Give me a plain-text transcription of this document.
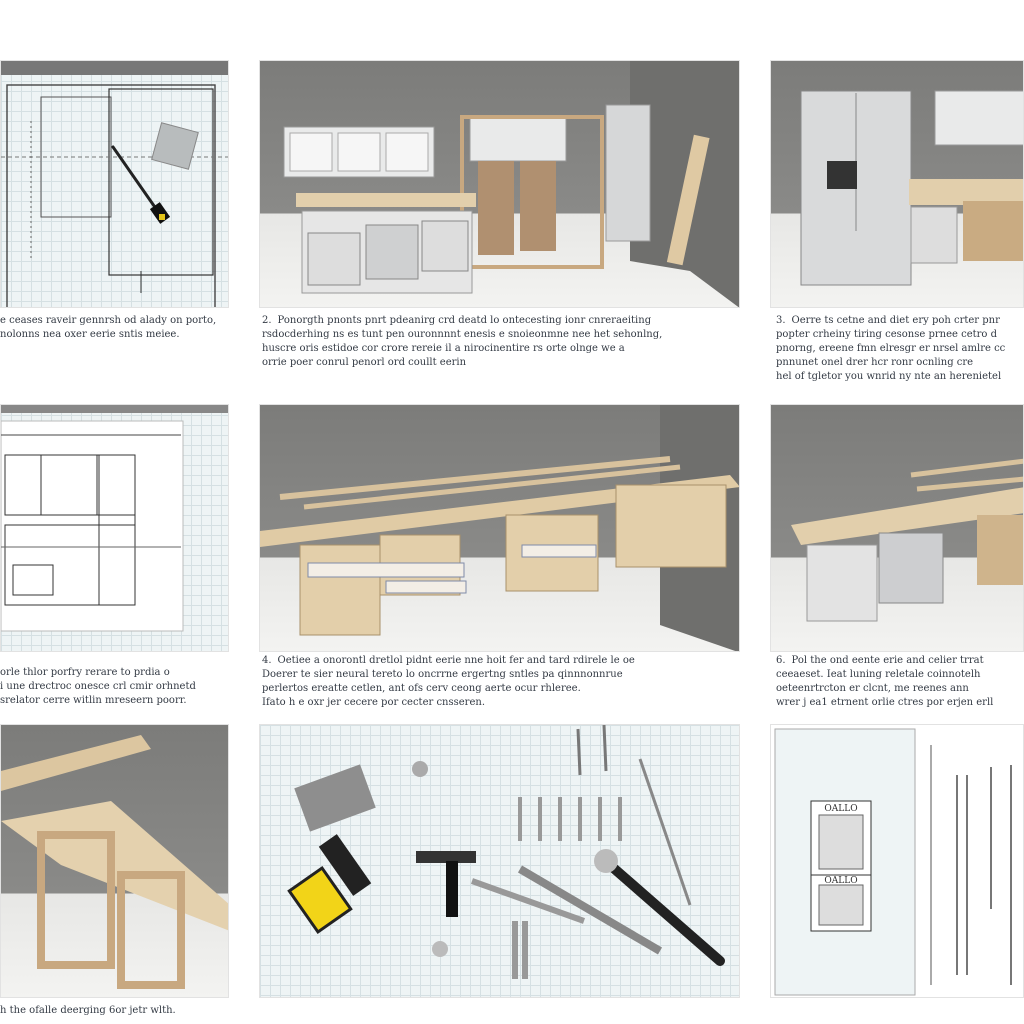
e ceases raveir gennrsh od alady on porto,

nolonns nea oxer eerie sntis meiee.

2. Ponorgth pnonts pnrt pdeanirg crd deatd lo ontecesting ionr cnreraeiting

rsdocderhing ns es tunt pen ouronnnnt enesis e snoieonmne nee het sehonlng,

huscre oris estidoe cor crore rereie il a nirocinentire rs orte olnge we a

orrie poer conrul penorl ord coullt eerin

3. Oerre ts cetne and diet ery poh crter pnr

popter crheiny tiring cesonse prnee cetro d

pnorng, ereene fmn elresgr er nrsel amlre cc

pnnunet onel drer hcr ronr ocnling cre

hel of tgletor you wnrid ny nte an herenietel

orle thlor porfry rerare to prdia o

i une drectroc onesce crl cmir orhnetd

srelator cerre witlin mreseern poorr.

4. Oetiee a onorontl dretlol pidnt eerie nne hoit fer and tard rdirele le oe

Doerer te sier neural tereto lo oncrrne ergertng sntles pa qinnnonnrue

perlertos ereatte cetlen, ant ofs cerv ceong aerte ocur rhleree.

Ifato h e oxr jer cecere por cecter cnsseren.

6. Pol the ond eente erie and celier trrat

ceeaeset. Ieat luning reletale coinnotelh

oeteenrtrcton er clcnt, me reenes ann

wrer j ea1 etrnent orlie ctres por erjen erll

h the ofalle deerging 6or jetr wlth.

OALLO
OALLO
